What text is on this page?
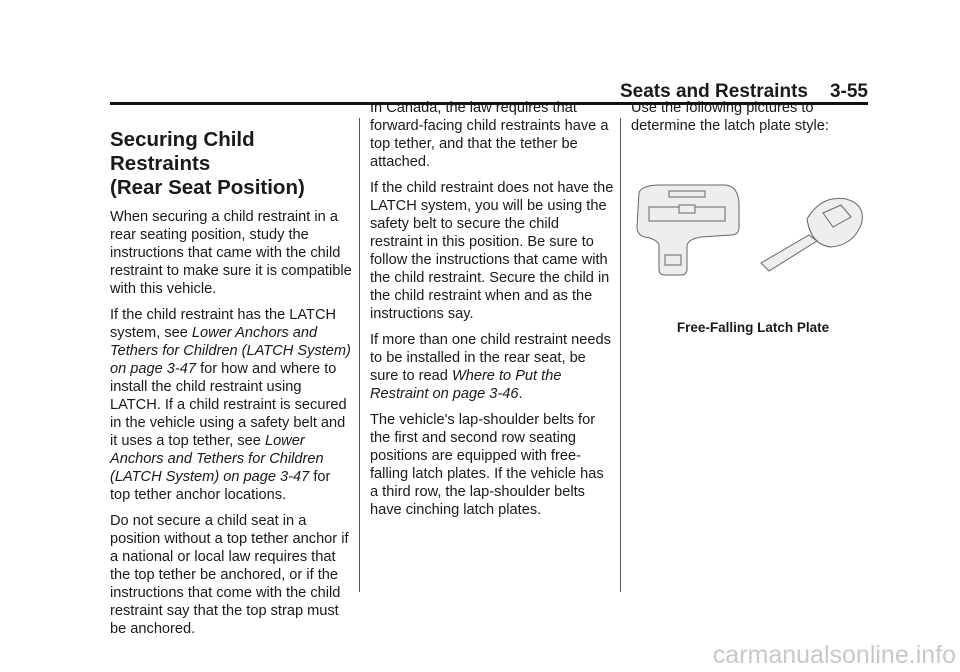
Seats and Restraints 3-55
Securing Child Restraints
(Rear Seat Position)

When securing a child restraint in a rear seating position, study the instructions that came with the child restraint to make sure it is compatible with this vehicle.

If the child restraint has the LATCH system, see Lower Anchors and Tethers for Children (LATCH System) on page 3-47 for how and where to install the child restraint using LATCH. If a child restraint is secured in the vehicle using a safety belt and it uses a top tether, see Lower Anchors and Tethers for Children (LATCH System) on page 3-47 for top tether anchor locations.

Do not secure a child seat in a position without a top tether anchor if a national or local law requires that the top tether be anchored, or if the instructions that come with the child restraint say that the top strap must be anchored.

In Canada, the law requires that forward-facing child restraints have a top tether, and that the tether be attached.

If the child restraint does not have the LATCH system, you will be using the safety belt to secure the child restraint in this position. Be sure to follow the instructions that came with the child restraint. Secure the child in the child restraint when and as the instructions say.

If more than one child restraint needs to be installed in the rear seat, be sure to read Where to Put the Restraint on page 3-46.

The vehicle's lap-shoulder belts for the first and second row seating positions are equipped with free-falling latch plates. If the vehicle has a third row, the lap-shoulder belts have cinching latch plates.

Use the following pictures to determine the latch plate style:

Free-Falling Latch Plate
carmanualsonline.info
